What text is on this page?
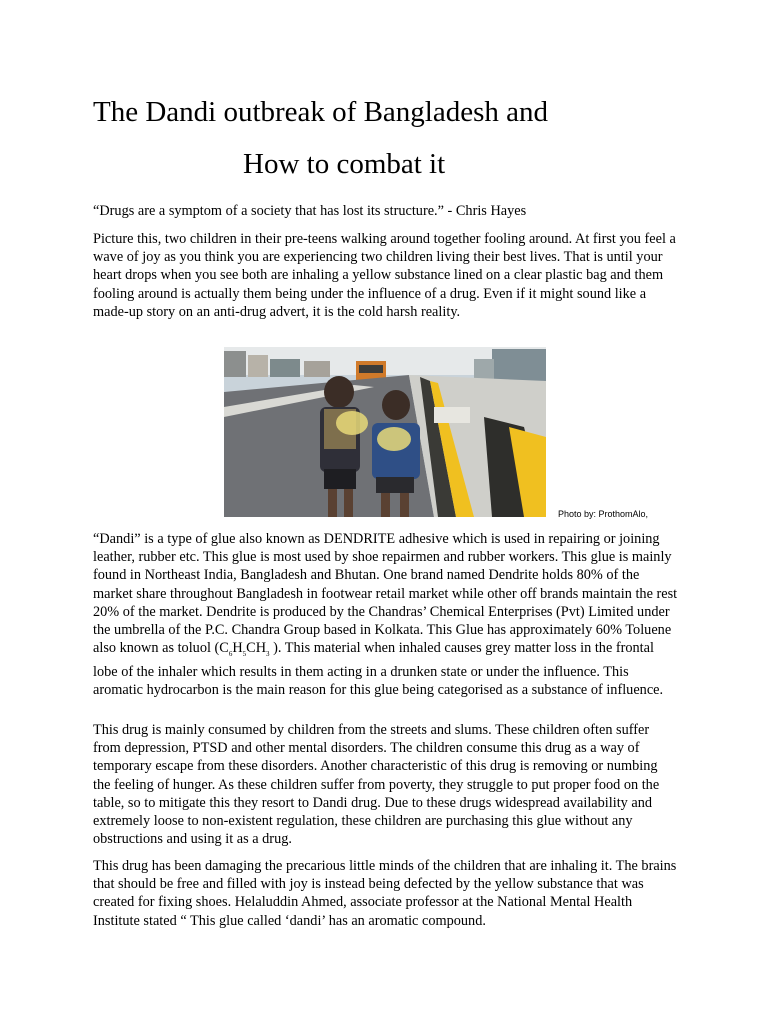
The Dandi outbreak of Bangladesh and
How to combat it

“Drugs are a symptom of a society that has lost its structure.” - Chris Hayes

Picture this, two children in their pre-teens walking around together fooling around. At first you feel a wave of joy as you think you are experiencing two children living their best lives. That is until your heart drops when you see both are inhaling a yellow substance lined on a clear plastic bag and them fooling around is actually them being under the influence of a drug. Even if it might sound like a made-up story on an anti-drug advert, it is the cold harsh reality.

Photo by: ProthomAlo,

“Dandi” is a type of glue also known as DENDRITE adhesive which is used in repairing or joining leather, rubber etc. This glue is most used by shoe repairmen and rubber workers. This glue is mainly found in Northeast India, Bangladesh and Bhutan. One brand named Dendrite holds 80% of the market share throughout Bangladesh in footwear retail market while other off brands maintain the rest 20% of the market. Dendrite is produced by the Chandras’ Chemical Enterprises (Pvt) Limited under the umbrella of the P.C. Chandra Group based in Kolkata. This Glue has approximately 60% Toluene also known as toluol ($C_6H_5CH_3$ ). This material when inhaled causes grey matter loss in the frontal lobe of the inhaler which results in them acting in a drunken state or under the influence. This aromatic hydrocarbon is the main reason for this glue being categorised as a substance of influence.

This drug is mainly consumed by children from the streets and slums. These children often suffer from depression, PTSD and other mental disorders. The children consume this drug as a way of temporary escape from these disorders. Another characteristic of this drug is removing or numbing the feeling of hunger. As these children suffer from poverty, they struggle to put proper food on the table, so to mitigate this they resort to Dandi drug. Due to these drugs widespread availability and extremely loose to non-existent regulation, these children are purchasing this glue without any obstructions and using it as a drug.

This drug has been damaging the precarious little minds of the children that are inhaling it. The brains that should be free and filled with joy is instead being defected by the yellow substance that was created for fixing shoes. Helaluddin Ahmed, associate professor at the National Mental Health Institute stated “ This glue called ‘dandi’ has an aromatic compound.
